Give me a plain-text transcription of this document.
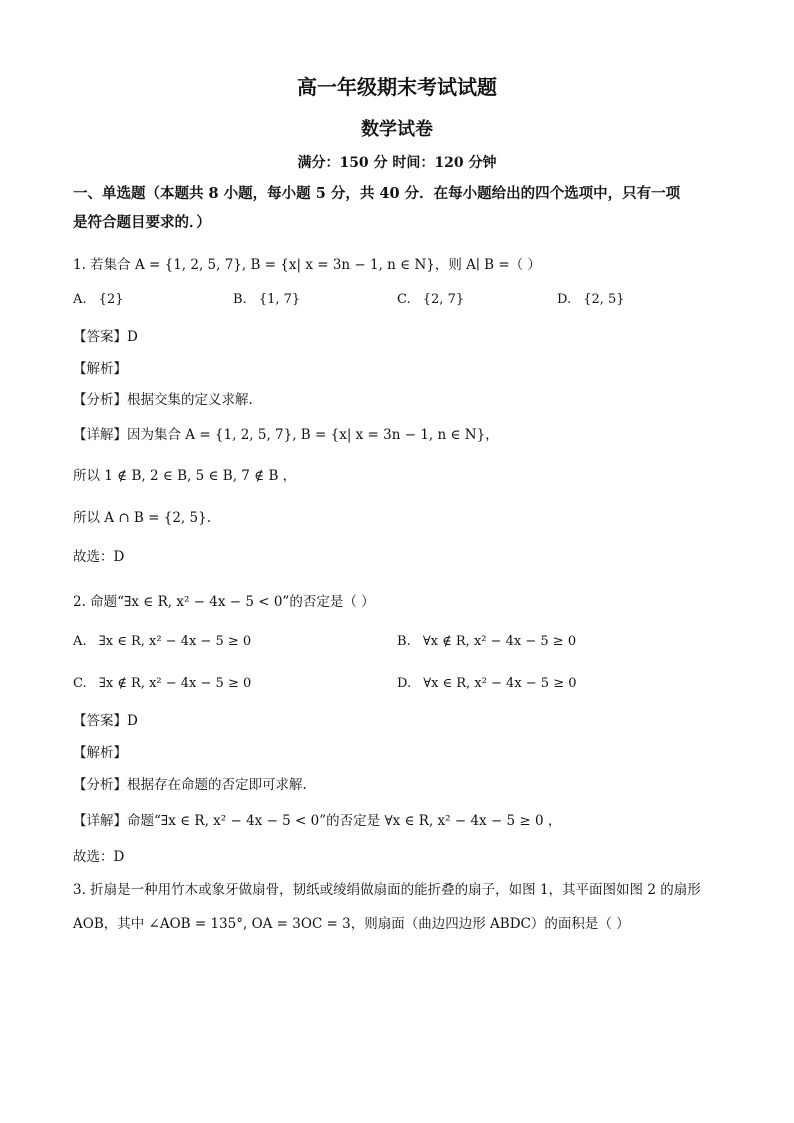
高一年级期末考试试题
数学试卷
满分：150 分 时间：120 分钟
一、单选题（本题共 8 小题，每小题 5 分，共 40 分．在每小题给出的四个选项中，只有一项
是符合题目要求的．）
1. 若集合 A = {1, 2, 5, 7}, B = {x| x = 3n − 1, n ∈ N}，则 A∣ B =（ ）
A. {2}	B. {1, 7}	C. {2, 7}	D. {2, 5}
【答案】D
【解析】
【分析】根据交集的定义求解.
【详解】因为集合 A = {1, 2, 5, 7}, B = {x| x = 3n − 1, n ∈ N}，
所以 1 ∉ B, 2 ∈ B, 5 ∈ B, 7 ∉ B ，
所以 A ∩ B = {2, 5}.
故选：D
2. 命题“∃x ∈ R, x² − 4x − 5 < 0”的否定是（ ）
A. ∃x ∈ R, x² − 4x − 5 ≥ 0	B. ∀x ∉ R, x² − 4x − 5 ≥ 0
C. ∃x ∉ R, x² − 4x − 5 ≥ 0	D. ∀x ∈ R, x² − 4x − 5 ≥ 0
【答案】D
【解析】
【分析】根据存在命题的否定即可求解.
【详解】命题“∃x ∈ R, x² − 4x − 5 < 0”的否定是 ∀x ∈ R, x² − 4x − 5 ≥ 0 ，
故选：D
3. 折扇是一种用竹木或象牙做扇骨，韧纸或绫绢做扇面的能折叠的扇子，如图 1，其平面图如图 2 的扇形
AOB，其中 ∠AOB = 135°, OA = 3OC = 3，则扇面（曲边四边形 ABDC）的面积是（ ）
